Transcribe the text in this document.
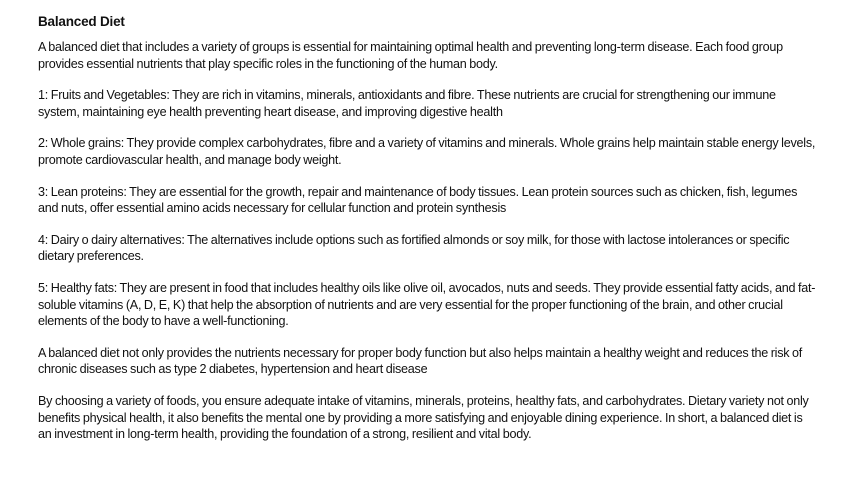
Balanced Diet

A balanced diet that includes a variety of groups is essential for maintaining optimal health and preventing long-term disease. Each food group provides essential nutrients that play specific roles in the functioning of the human body.

1: Fruits and Vegetables: They are rich in vitamins, minerals, antioxidants and fibre. These nutrients are crucial for strengthening our immune system, maintaining eye health preventing heart disease, and improving digestive health

2: Whole grains: They provide complex carbohydrates, fibre and a variety of vitamins and minerals. Whole grains help maintain stable energy levels, promote cardiovascular health, and manage body weight.

3: Lean proteins: They are essential for the growth, repair and maintenance of body tissues. Lean protein sources such as chicken, fish, legumes and nuts, offer essential amino acids necessary for cellular function and protein synthesis

4: Dairy o dairy alternatives: The alternatives include options such as fortified almonds or soy milk, for those with lactose intolerances or specific dietary preferences.

5: Healthy fats: They are present in food that includes healthy oils like olive oil, avocados, nuts and seeds. They provide essential fatty acids, and fat-soluble vitamins (A, D, E, K) that help the absorption of nutrients and are very essential for the proper functioning of the brain, and other crucial elements of the body to have a well-functioning.

A balanced diet not only provides the nutrients necessary for proper body function but also helps maintain a healthy weight and reduces the risk of chronic diseases such as type 2 diabetes, hypertension and heart disease

By choosing a variety of foods, you ensure adequate intake of vitamins, minerals, proteins, healthy fats, and carbohydrates. Dietary variety not only benefits physical health, it also benefits the mental one by providing a more satisfying and enjoyable dining experience. In short, a balanced diet is an investment in long-term health, providing the foundation of a strong, resilient and vital body.
